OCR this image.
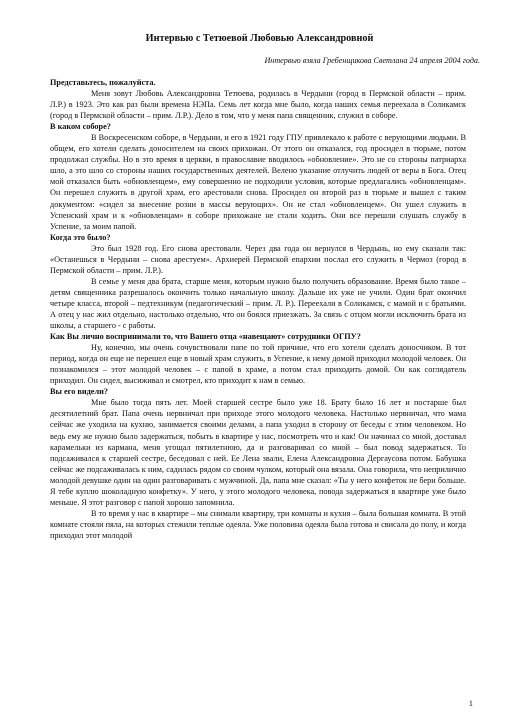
Интервью с Тетюевой Любовью Александровной
Интервью взяла Гребенщикова Светлана 24 апреля 2004 года.

Представьтесь, пожалуйста.

Меня зовут Любовь Александровна Тетюева, родилась в Чердыни (город в Пермской области – прим. Л.Р.) в 1923. Это как раз были времена НЭПа. Семь лет когда мне было, когда наших семья переехала в Соликамск (город в Пермской области – прим. Л.Р.). Дело в том, что у меня папа священник, служил в соборе.

В каком соборе?

В Воскресенском соборе, в Чердыни, и его в 1921 году ГПУ привлекало к работе с верующими людьми. В общем, его хотели сделать доносителем на своих прихожан. От этого он отказался, год просидел в тюрьме, потом продолжал службы. Но в это время в церкви, в православие вводилось «обновление». Это не со стороны патриарха шло, а это шло со стороны наших государственных деятелей. Велено указание отлучить людей от веры в Бога. Отец мой отказался быть «обновленцем», ему совершенно не подходили условия, которые предлагались «обновленцам». Он перешел служить в другой храм, его арестовали снова. Просидел он второй раз в тюрьме и вышел с таким документом: «сидел за внесение розни в массы верующих». Он не стал «обновленцем». Он ушел служить в Успенский храм и к «обновленцам» в соборе прихожане не стали ходить. Они все перешли слушать службу в Успение, за моим папой.

Когда это было?

Это был 1928 год. Его снова арестовали. Через два года он вернулся в Чердынь, но ему сказали так: «Останешься в Чердыни – снова арестуем». Архиерей Пермской епархии послал его служить в Чермоз (город в Пермской области – прим. Л.Р.).

В семье у меня два брата, старше меня, которым нужно было получить образование. Время было такое – детям священника разрешалось окончить только начальную школу. Дальше их уже не учили. Один брат окончил четыре класса, второй – педтехникум (педагогический – прим. Л. Р.). Переехали в Соликамск, с мамой и с братьями. А отец у нас жил отдельно, настолько отдельно, что он боялся приезжать. За связь с отцом могли исключить брата из школы, а старшего - с работы.

Как Вы лично воспринимали то, что Вашего отца «навещают» сотрудники ОГПУ?

Ну, конечно, мы очень сочувствовали папе по той причине, что его хотели сделать доносчиком. В тот период, когда он еще не перешел еще в новый храм служить, в Успение, к нему домой приходил молодой человек. Он познакомился – этот молодой человек – с папой в храме, а потом стал приходить домой. Он как соглядатель приходил. Он сидел, высиживал и смотрел, кто приходит к нам в семью.

Вы его видели?

Мне было тогда пять лет. Моей старшей сестре было уже 18. Брату было 16 лет и постарше был десятилетний брат. Папа очень нервничал при приходе этого молодого человека. Настолько нервничал, что мама сейчас же уходила на кухню, занимается своими делами, а папа уходил в сторону от беседы с этим человеком. Но ведь ему же нужно было задержаться, побыть в квартире у нас, посмотреть что и как! Он начинал со мной, доставал карамельки из кармана, меня угощал пятилетнюю, да и разговаривал со мной – был повод задержаться. То подсаживался к старшей сестре, беседовал с ней. Ее Лена звали, Елена Александровна Дергаусова потом. Бабушка сейчас же подсаживалась к ним, садилась рядом со своим чулком, который она вязала. Она говорила, что неприлично молодой девушке один на один разговаривать с мужчиной. Да, папа мне сказал: «Ты у него конфеток не бери больше. Я тебе куплю шоколадную конфетку». У него, у этого молодого человека, повода задержаться в квартире уже было меньше. Я этот разговор с папой хорошо запомнила.

В то время у нас в квартире – мы снимали квартиру, три комнаты и кухня – была большая комната. В этой комнате стояли пяла, на которых стежили теплые одеяла. Уже половина одеяла была готова и свисала до полу, и когда приходил этот молодой

1
